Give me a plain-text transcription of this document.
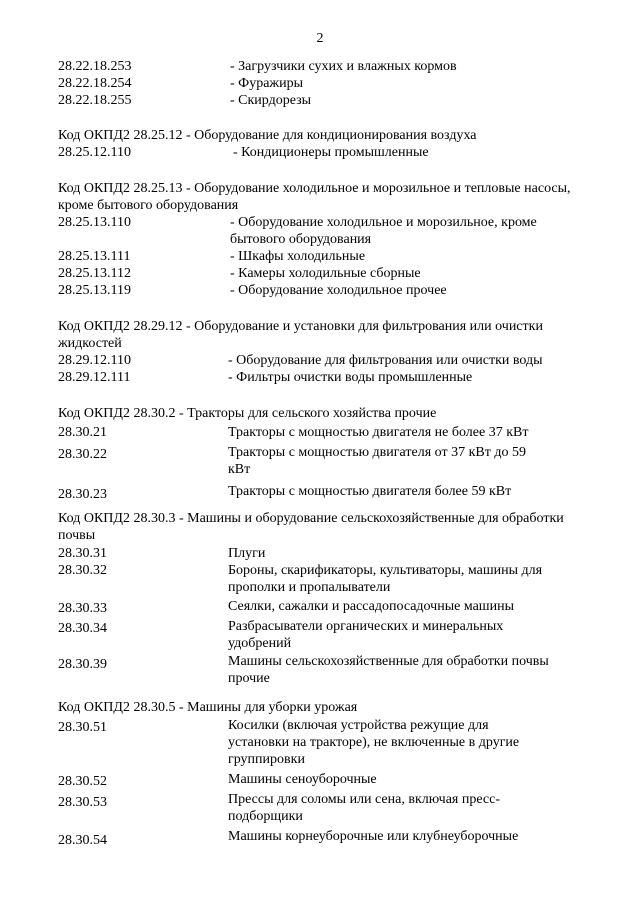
2
28.22.18.253	- Загрузчики сухих и влажных кормов
28.22.18.254	- Фуражиры
28.22.18.255	- Скирдорезы

Код ОКПД2 28.25.12 - Оборудование для кондиционирования воздуха

28.25.12.110	- Кондиционеры промышленные

Код ОКПД2 28.25.13 - Оборудование холодильное и морозильное и тепловые насосы, кроме бытового оборудования

28.25.13.110	- Оборудование холодильное и морозильное, кроме
бытового оборудования
28.25.13.111	- Шкафы холодильные
28.25.13.112	- Камеры холодильные сборные
28.25.13.119	- Оборудование холодильное прочее

Код ОКПД2 28.29.12 - Оборудование и установки для фильтрования или очистки жидкостей

28.29.12.110	- Оборудование для фильтрования или очистки воды
28.29.12.111	- Фильтры очистки воды промышленные

Код ОКПД2 28.30.2 - Тракторы для сельского хозяйства прочие

28.30.21	Тракторы с мощностью двигателя не более 37 кВт
28.30.22	Тракторы с мощностью двигателя от 37 кВт до 59
кВт
28.30.23	Тракторы с мощностью двигателя более 59 кВт

Код ОКПД2 28.30.3 - Машины и оборудование сельскохозяйственные для обработки почвы

28.30.31	Плуги
28.30.32	Бороны, скарификаторы, культиваторы, машины для
прополки и пропалыватели
28.30.33	Сеялки, сажалки и рассадопосадочные машины
28.30.34	Разбрасыватели органических и минеральных
удобрений
28.30.39	Машины сельскохозяйственные для обработки почвы
прочие

Код ОКПД2 28.30.5 - Машины для уборки урожая

28.30.51	Косилки (включая устройства режущие для
установки на тракторе), не включенные в другие
группировки
28.30.52	Машины сеноуборочные
28.30.53	Прессы для соломы или сена, включая пресс-
подборщики
28.30.54	Машины корнеуборочные или клубнеуборочные
